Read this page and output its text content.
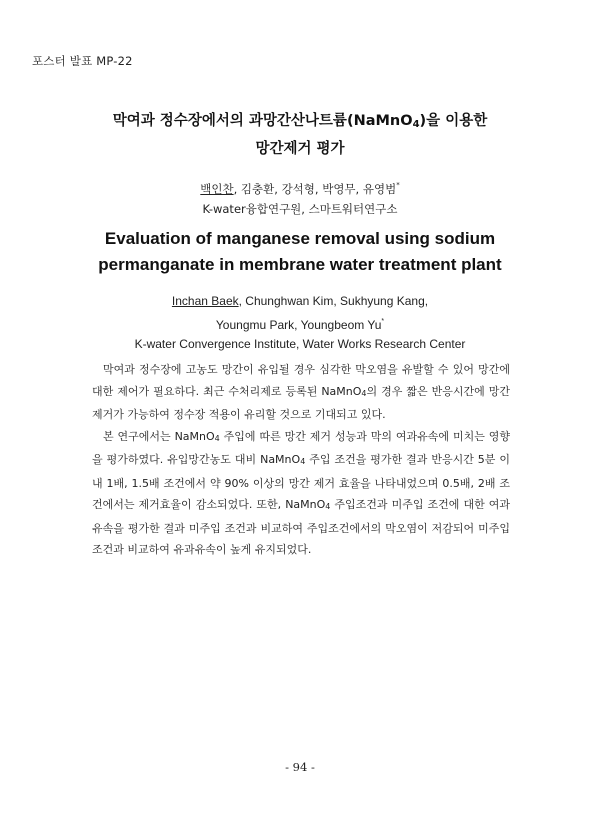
포스터 발표 MP-22
막여과 정수장에서의 과망간산나트륨(NaMnO$_4$)을 이용한
망간제거 평가
백인찬, 김충환, 강석형, 박영무, 유영범*
K-water융합연구원, 스마트워터연구소
Evaluation of manganese removal using sodium
permanganate in membrane water treatment plant
Inchan Baek, Chunghwan Kim, Sukhyung Kang,
Youngmu Park, Youngbeom Yu*
K-water Convergence Institute, Water Works Research Center

막여과 정수장에 고농도 망간이 유입될 경우 심각한 막오염을 유발할 수 있어 망간에 대한 제어가 필요하다. 최근 수처리제로 등록된 NaMnO$_4$의 경우 짧은 반응시간에 망간 제거가 가능하여 정수장 적용이 유리할 것으로 기대되고 있다.

본 연구에서는 NaMnO$_4$ 주입에 따른 망간 제거 성능과 막의 여과유속에 미치는 영향을 평가하였다. 유입망간농도 대비 NaMnO$_4$ 주입 조건을 평가한 결과 반응시간 5분 이내 1배, 1.5배 조건에서 약 90% 이상의 망간 제거 효율을 나타내었으며 0.5배, 2배 조건에서는 제거효율이 감소되었다. 또한, NaMnO$_4$ 주입조건과 미주입 조건에 대한 여과유속을 평가한 결과 미주입 조건과 비교하여 주입조건에서의 막오염이 저감되어 미주입 조건과 비교하여 유과유속이 높게 유지되었다.

- 94 -
